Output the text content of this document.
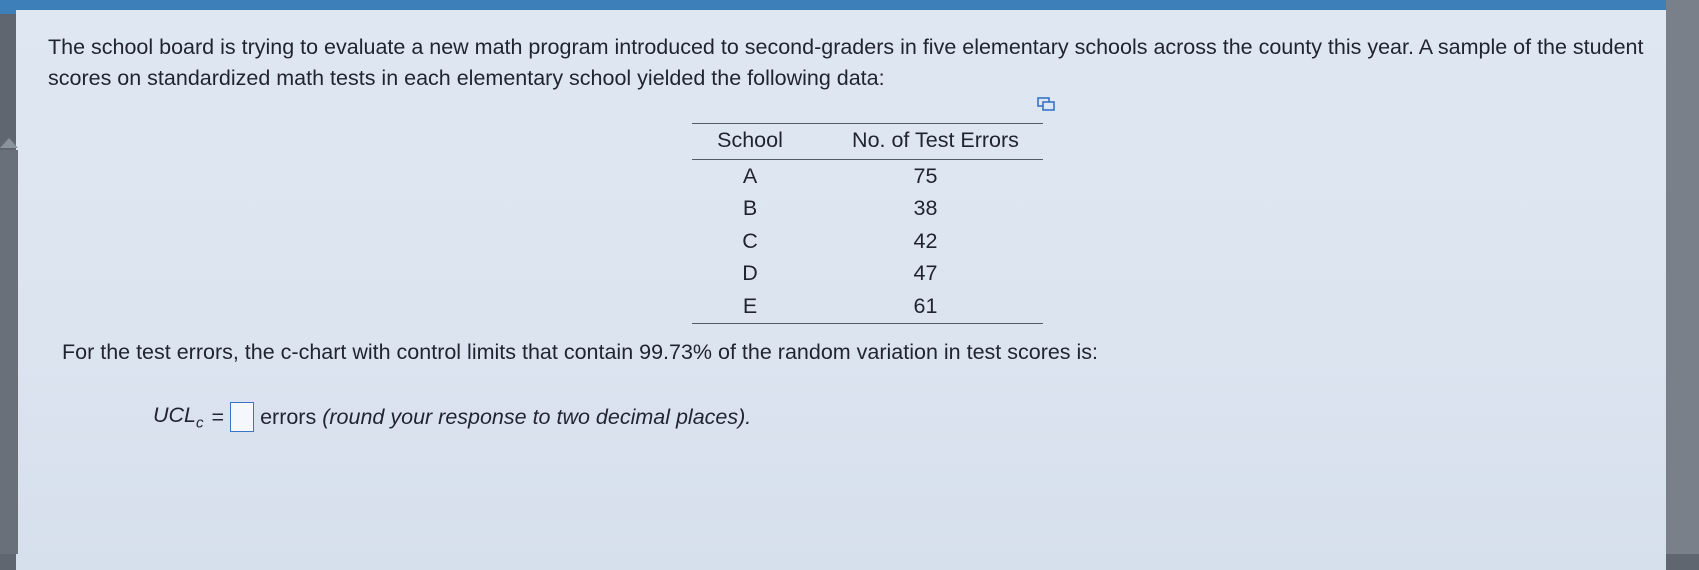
The school board is trying to evaluate a new math program introduced to second-graders in five elementary schools across the county this year. A sample of the student scores on standardized math tests in each elementary school yielded the following data:

School	No. of Test Errors
A	75
B	38
C	42
D	47
E	61

For the test errors, the c-chart with control limits that contain 99.73% of the random variation in test scores is:

$UCL_c$ = errors (round your response to two decimal places).
